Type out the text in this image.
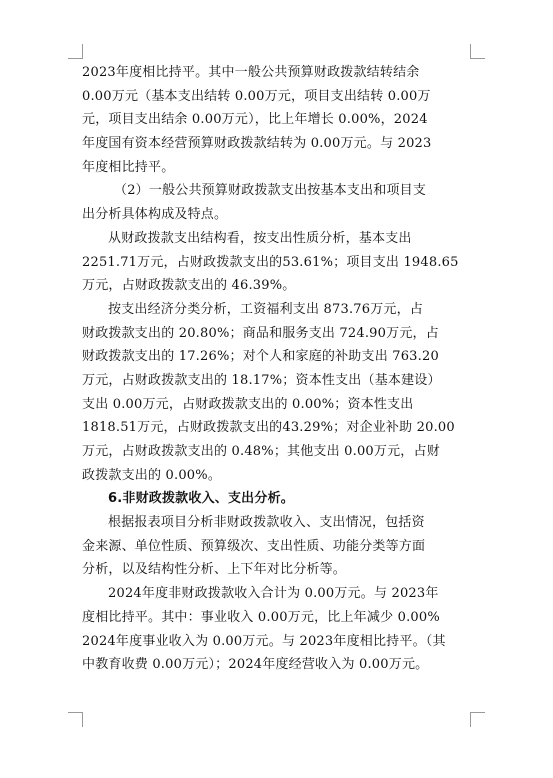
2023年度相比持平。其中一般公共预算财政拨款结转结余
0.00万元（基本支出结转 0.00万元，项目支出结转 0.00万
元，项目支出结余 0.00万元），比上年增长 0.00%，2024
年度国有资本经营预算财政拨款结转为 0.00万元。与 2023
年度相比持平。
（2）一般公共预算财政拨款支出按基本支出和项目支
出分析具体构成及特点。
从财政拨款支出结构看，按支出性质分析，基本支出
2251.71万元，占财政拨款支出的53.61%；项目支出 1948.65
万元，占财政拨款支出的 46.39%。
按支出经济分类分析，工资福利支出 873.76万元，占
财政拨款支出的 20.80%；商品和服务支出 724.90万元，占
财政拨款支出的 17.26%；对个人和家庭的补助支出 763.20
万元，占财政拨款支出的 18.17%；资本性支出（基本建设）
支出 0.00万元，占财政拨款支出的 0.00%；资本性支出
1818.51万元，占财政拨款支出的43.29%；对企业补助 20.00
万元，占财政拨款支出的 0.48%；其他支出 0.00万元，占财
政拨款支出的 0.00%。
6.非财政拨款收入、支出分析。
根据报表项目分析非财政拨款收入、支出情况，包括资
金来源、单位性质、预算级次、支出性质、功能分类等方面
分析，以及结构性分析、上下年对比分析等。
2024年度非财政拨款收入合计为 0.00万元。与 2023年
度相比持平。其中：事业收入 0.00万元，比上年减少 0.00%
2024年度事业收入为 0.00万元。与 2023年度相比持平。（其
中教育收费 0.00万元）；2024年度经营收入为 0.00万元。
